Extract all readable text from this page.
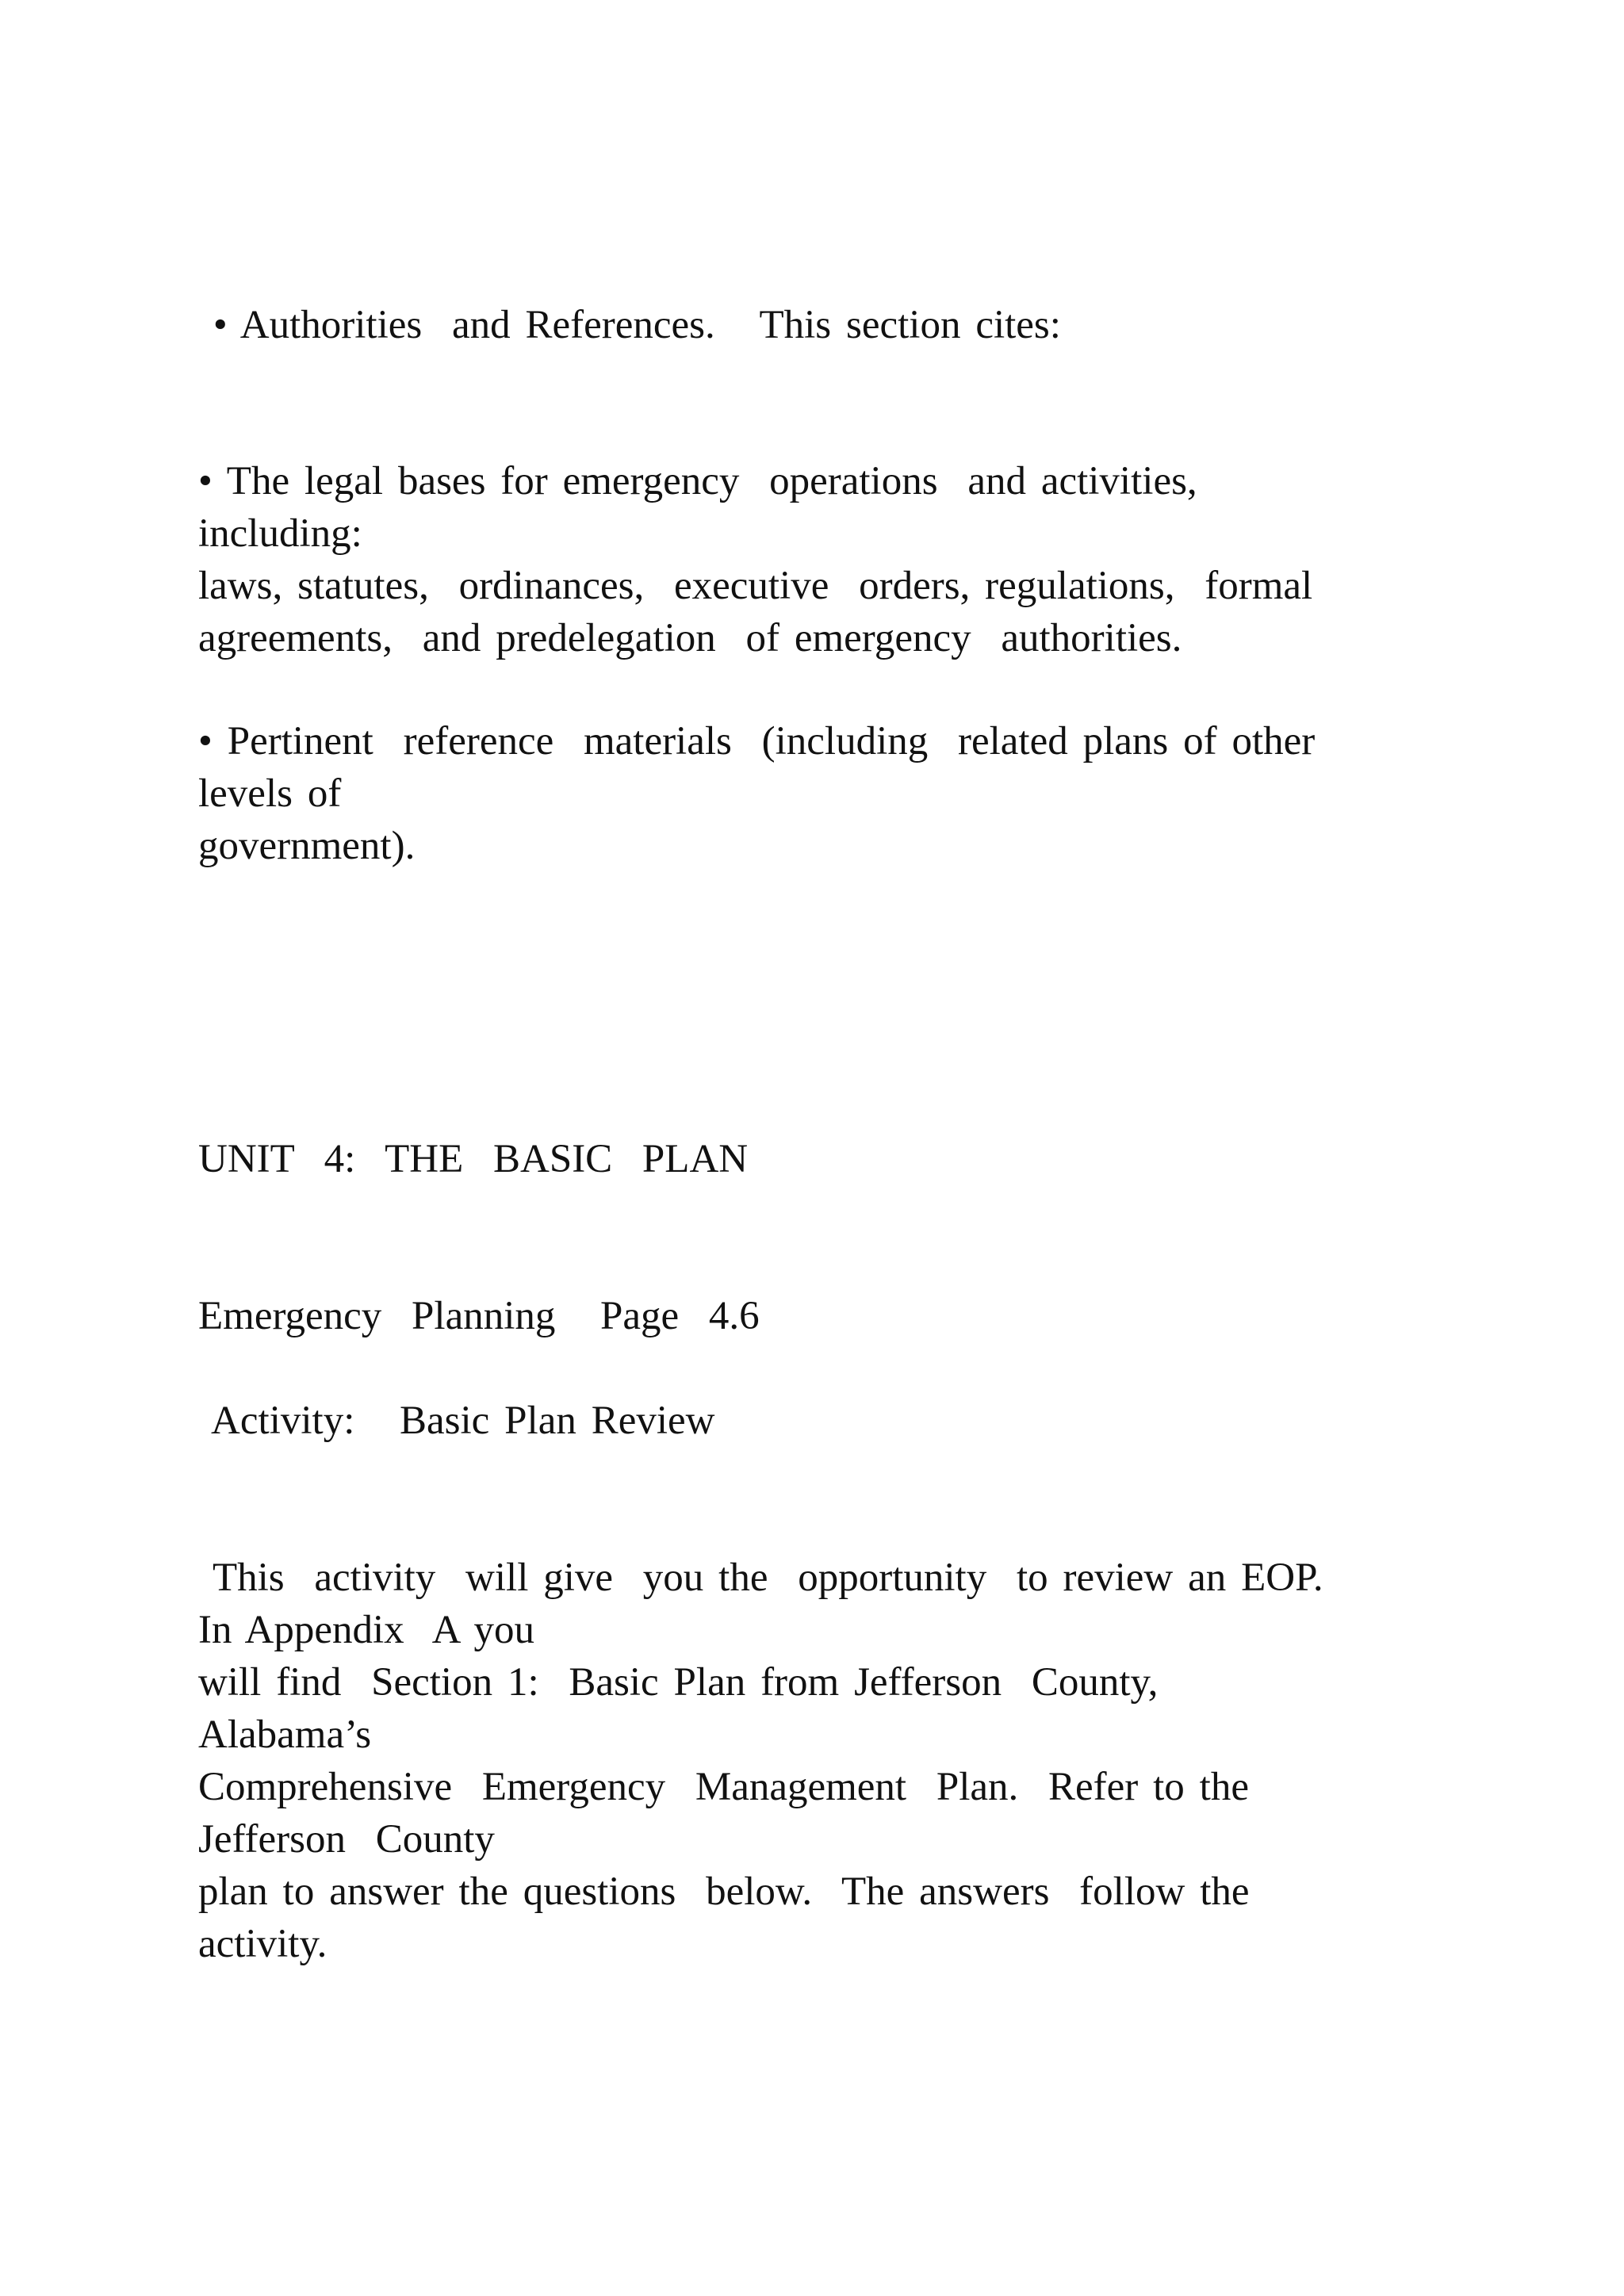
• Authorities  and References.   This section cites:

• The legal bases for emergency  operations  and activities,

including:

laws, statutes,  ordinances,  executive  orders, regulations,  formal

agreements,  and predelegation  of emergency  authorities.

• Pertinent  reference  materials  (including  related plans of other

levels of

government).

UNIT  4:  THE  BASIC  PLAN

Emergency  Planning   Page  4.6

Activity:   Basic Plan Review

This  activity  will give  you the  opportunity  to review an EOP.

In Appendix  A you

will find  Section 1:  Basic Plan from Jefferson  County,

Alabama’s

Comprehensive  Emergency  Management  Plan.  Refer to the

Jefferson  County

plan to answer the questions  below.  The answers  follow the

activity.
